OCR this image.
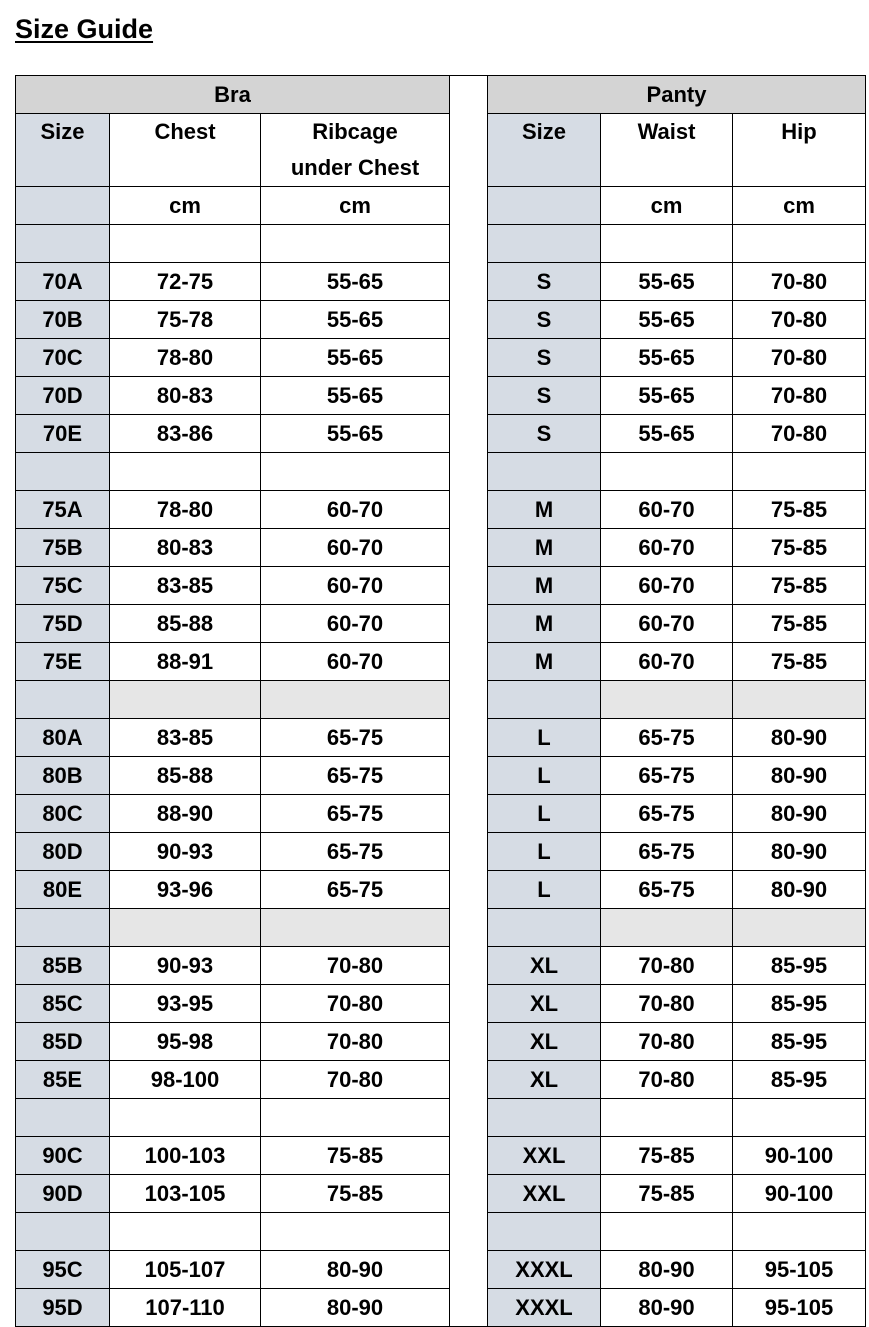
Size Guide
Bra				Panty		
Size	Chest	Ribcage under Chest		Size	Waist	Hip
	cm	cm			cm	cm

70A	72-75	55-65		S	55-65	70-80
70B	75-78	55-65		S	55-65	70-80
70C	78-80	55-65		S	55-65	70-80
70D	80-83	55-65		S	55-65	70-80
70E	83-86	55-65		S	55-65	70-80

75A	78-80	60-70		M	60-70	75-85
75B	80-83	60-70		M	60-70	75-85
75C	83-85	60-70		M	60-70	75-85
75D	85-88	60-70		M	60-70	75-85
75E	88-91	60-70		M	60-70	75-85

80A	83-85	65-75		L	65-75	80-90
80B	85-88	65-75		L	65-75	80-90
80C	88-90	65-75		L	65-75	80-90
80D	90-93	65-75		L	65-75	80-90
80E	93-96	65-75		L	65-75	80-90

85B	90-93	70-80		XL	70-80	85-95
85C	93-95	70-80		XL	70-80	85-95
85D	95-98	70-80		XL	70-80	85-95
85E	98-100	70-80		XL	70-80	85-95

90C	100-103	75-85		XXL	75-85	90-100
90D	103-105	75-85		XXL	75-85	90-100

95C	105-107	80-90		XXXL	80-90	95-105
95D	107-110	80-90		XXXL	80-90	95-105
